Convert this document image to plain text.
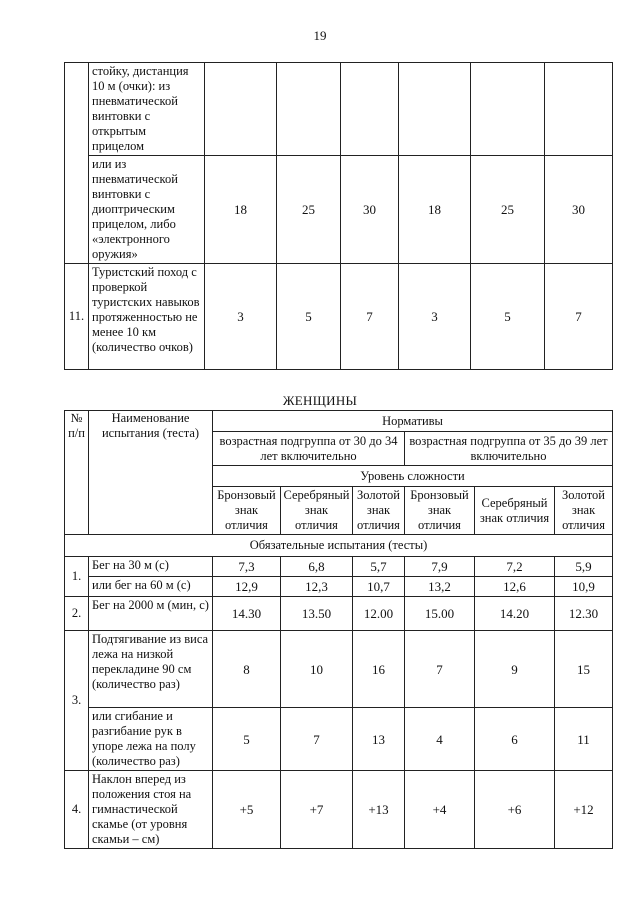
19
	стойку, дистанция 10 м (очки): из пневматической винтовки с открытым прицелом						
	или из пневматической винтовки с диоптрическим прицелом, либо «электронного оружия»	18	25	30	18	25	30
11.	Туристский поход с проверкой туристских навыков протяженностью не менее 10 км (количество очков)	3	5	7	3	5	7
ЖЕНЩИНЫ
№ п/п	Наименование испытания (теста)	Нормативы					
		возрастная подгруппа от 30 до 34 лет включительно			возрастная подгруппа от 35 до 39 лет включительно		
		Уровень сложности					
		Бронзовый знак отличия	Серебряный знак отличия	Золотой знак отличия	Бронзовый знак отличия	Серебряный знак отличия	Золотой знак отличия
Обязательные испытания (тесты)							
1.	Бег на 30 м (с)	7,3	6,8	5,7	7,9	7,2	5,9
	или бег на 60 м (с)	12,9	12,3	10,7	13,2	12,6	10,9
2.	Бег на 2000 м (мин, с)	14.30	13.50	12.00	15.00	14.20	12.30
3.	Подтягивание из виса лежа на низкой перекладине 90 см (количество раз)	8	10	16	7	9	15
	или сгибание и разгибание рук в упоре лежа на полу (количество раз)	5	7	13	4	6	11
4.	Наклон вперед из положения стоя на гимнастической скамье (от уровня скамьи – см)	+5	+7	+13	+4	+6	+12
